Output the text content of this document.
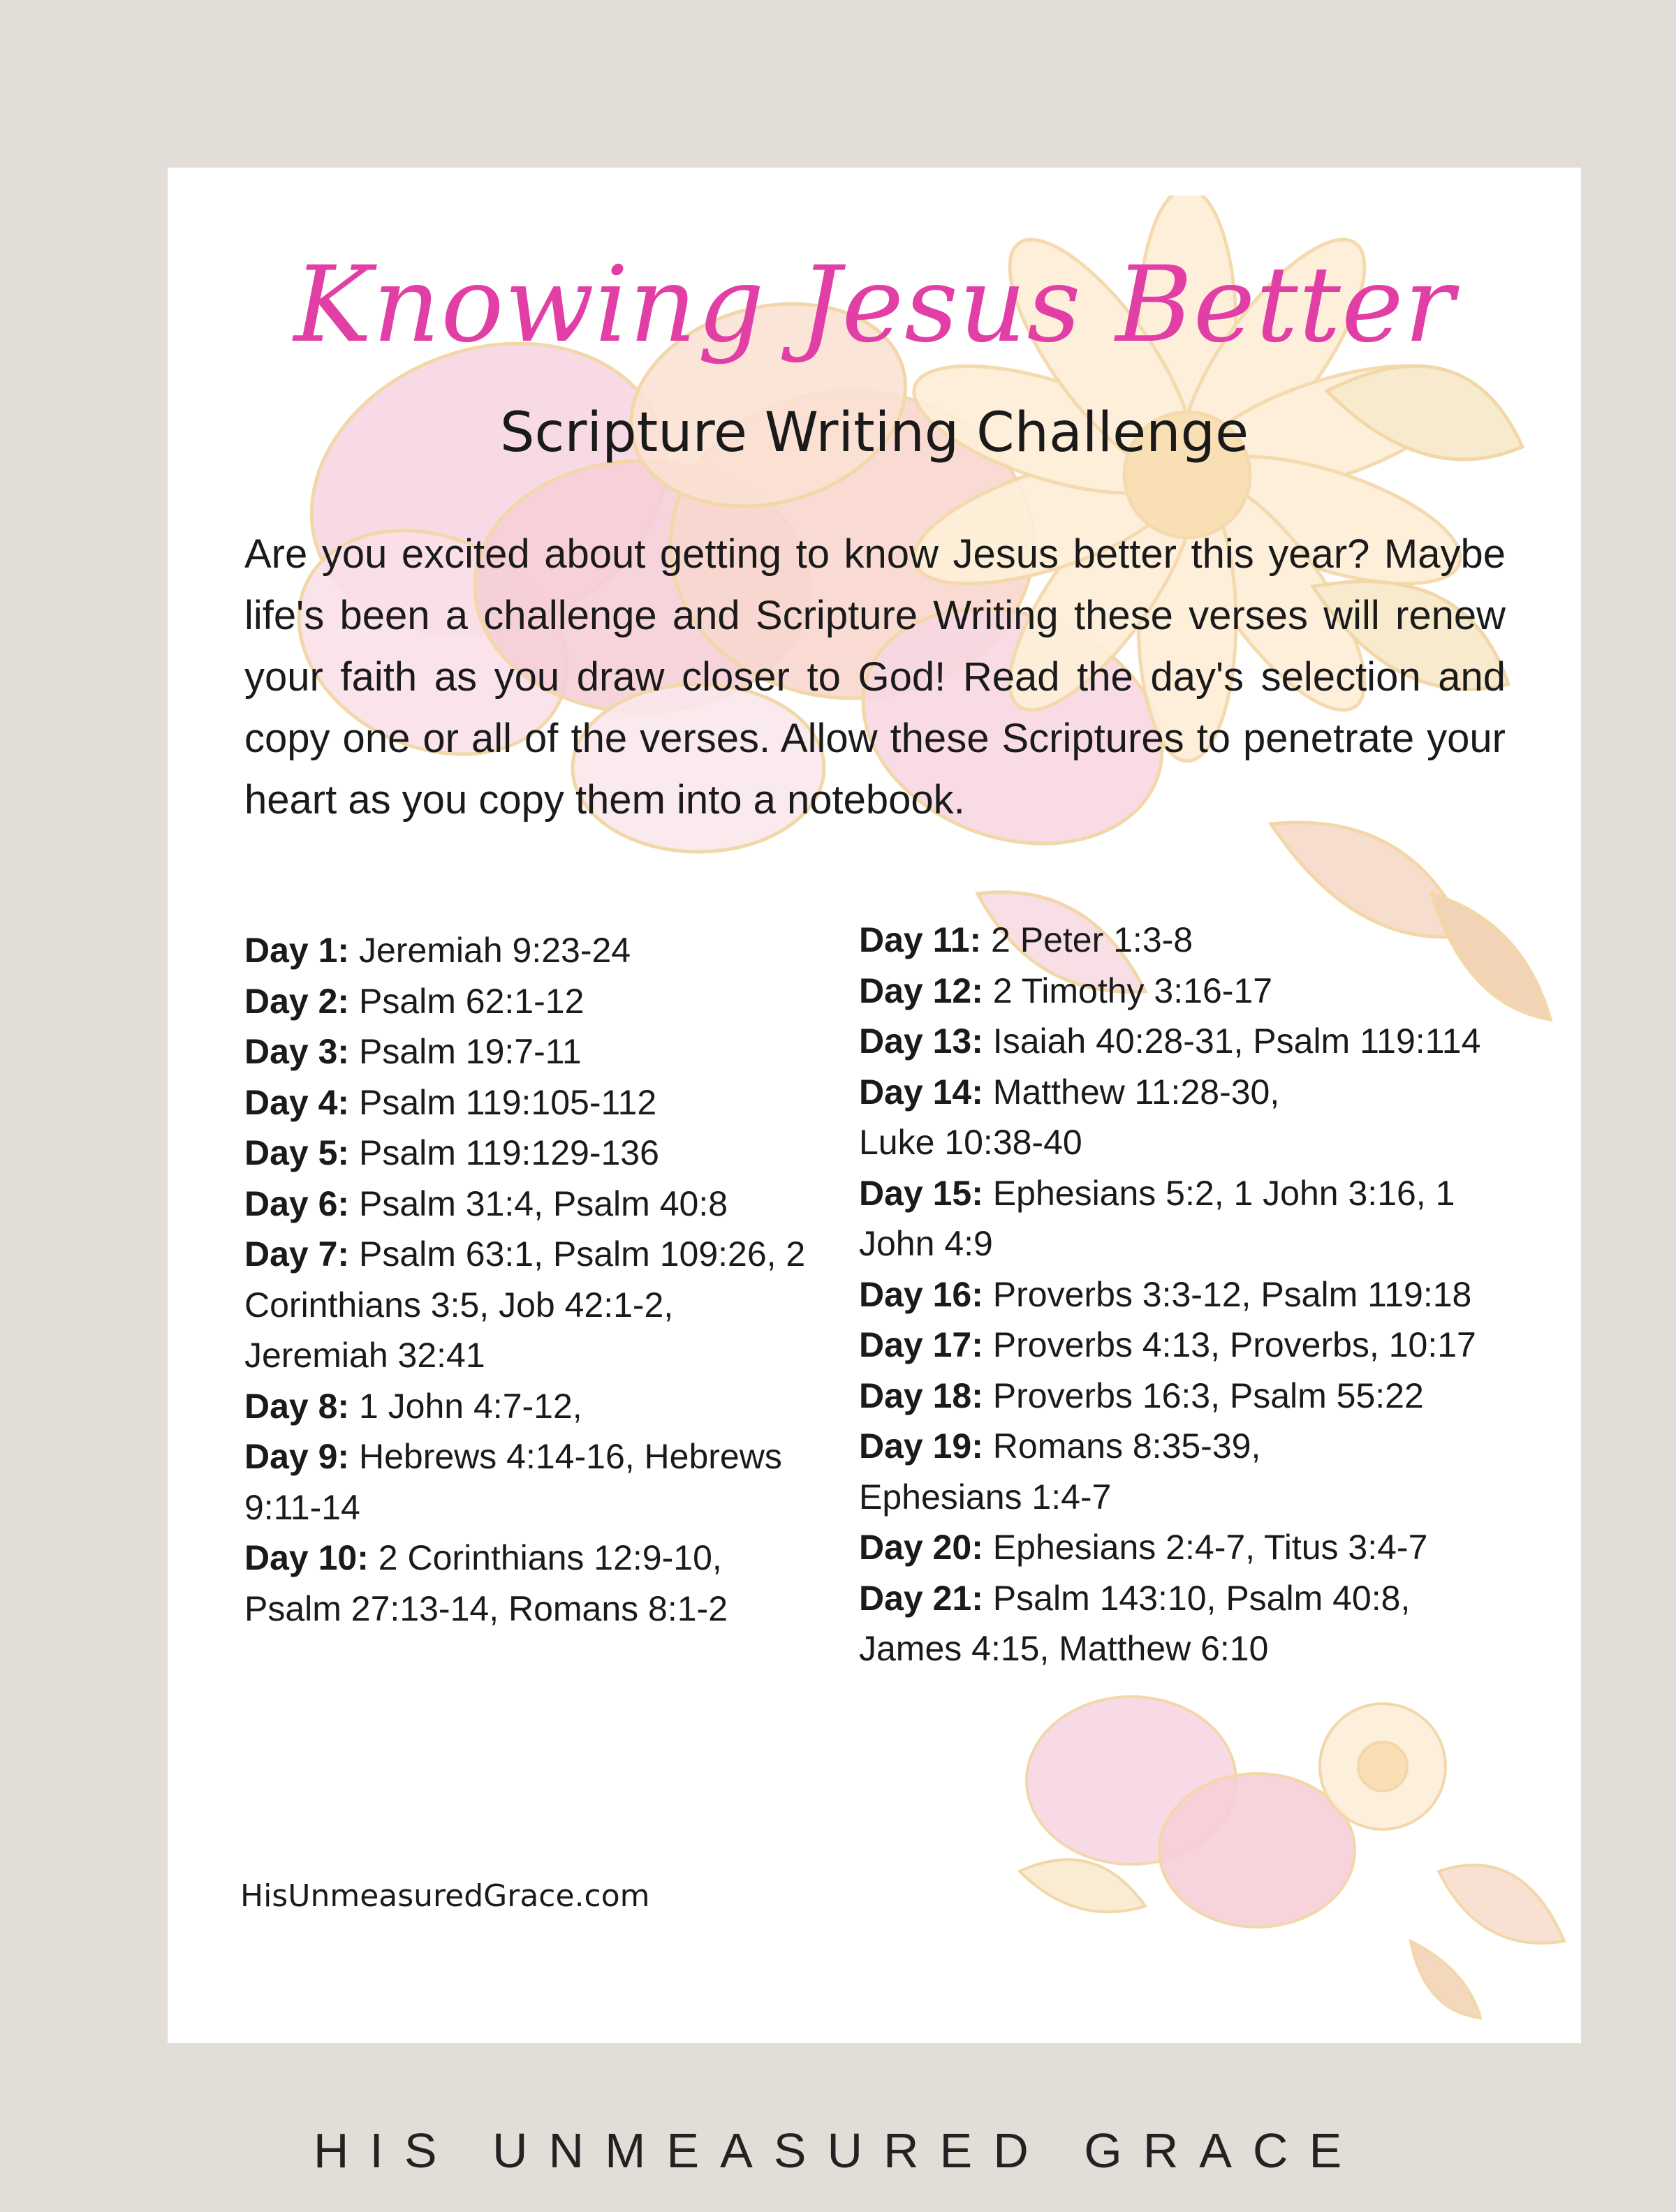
Knowing Jesus Better
Scripture Writing Challenge
Are you excited about getting to know Jesus better this year? Maybe life's been a challenge and Scripture Writing these verses will renew your faith as you draw closer to God! Read the day's selection and copy one or all of the verses. Allow these Scriptures to penetrate your heart as you copy them into a notebook.

Day 1: Jeremiah 9:23-24

Day 2: Psalm 62:1-12

Day 3: Psalm 19:7-11

Day 4: Psalm 119:105-112

Day 5: Psalm 119:129-136

Day 6: Psalm 31:4, Psalm 40:8

Day 7: Psalm 63:1, Psalm 109:26, 2 Corinthians 3:5, Job 42:1-2, Jeremiah 32:41

Day 8: 1 John 4:7-12,

Day 9: Hebrews 4:14-16, Hebrews 9:11-14

Day 10: 2 Corinthians 12:9-10, Psalm 27:13-14, Romans 8:1-2

Day 11: 2 Peter 1:3-8

Day 12: 2 Timothy 3:16-17

Day 13: Isaiah 40:28-31, Psalm 119:114

Day 14: Matthew 11:28-30, Luke 10:38-40

Day 15: Ephesians 5:2, 1 John 3:16, 1 John 4:9

Day 16: Proverbs 3:3-12, Psalm 119:18

Day 17: Proverbs 4:13, Proverbs, 10:17

Day 18: Proverbs 16:3, Psalm 55:22

Day 19: Romans 8:35-39, Ephesians 1:4-7

Day 20: Ephesians 2:4-7, Titus 3:4-7

Day 21: Psalm 143:10, Psalm 40:8, James 4:15, Matthew 6:10

HisUnmeasuredGrace.com
HIS UNMEASURED GRACE
